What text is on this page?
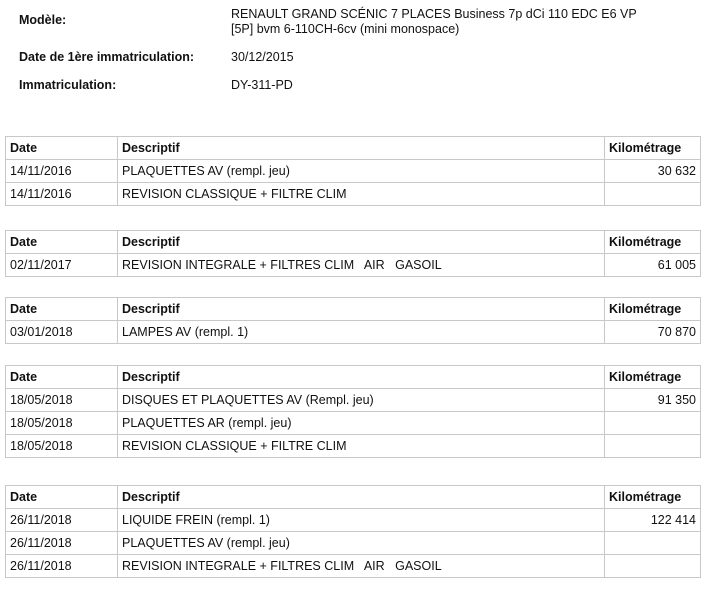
Modèle:	RENAULT GRAND SCÉNIC 7 PLACES Business 7p dCi 110 EDC E6 VP
[5P] bvm 6-110CH-6cv (mini monospace)
Date de 1ère immatriculation:	30/12/2015
Immatriculation:	DY-311-PD
Date	Descriptif	Kilométrage
14/11/2016	PLAQUETTES AV (rempl. jeu)	30 632
14/11/2016	REVISION CLASSIQUE + FILTRE CLIM	
Date	Descriptif	Kilométrage
02/11/2017	REVISION INTEGRALE + FILTRES CLIM   AIR   GASOIL	61 005
Date	Descriptif	Kilométrage
03/01/2018	LAMPES AV (rempl. 1)	70 870
Date	Descriptif	Kilométrage
18/05/2018	DISQUES ET PLAQUETTES AV (Rempl. jeu)	91 350
18/05/2018	PLAQUETTES AR (rempl. jeu)	
18/05/2018	REVISION CLASSIQUE + FILTRE CLIM	
Date	Descriptif	Kilométrage
26/11/2018	LIQUIDE FREIN (rempl. 1)	122 414
26/11/2018	PLAQUETTES AV (rempl. jeu)	
26/11/2018	REVISION INTEGRALE + FILTRES CLIM   AIR   GASOIL	
